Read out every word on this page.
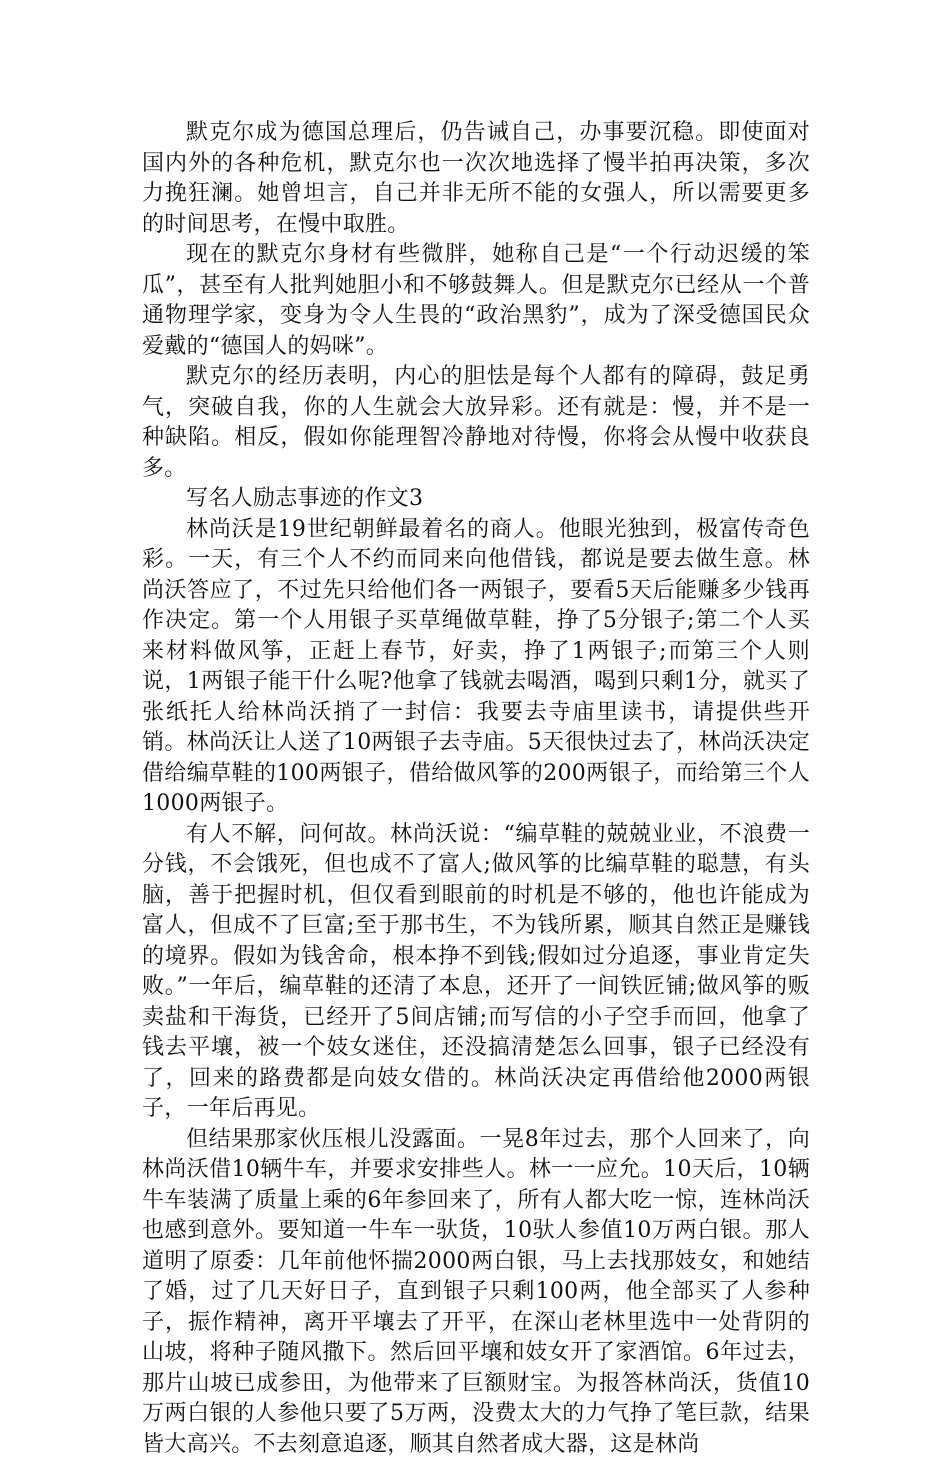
默克尔成为德国总理后，仍告诫自己，办事要沉稳。即使面对国内外的各种危机，默克尔也一次次地选择了慢半拍再决策，多次力挽狂澜。她曾坦言，自己并非无所不能的女强人，所以需要更多的时间思考，在慢中取胜。

现在的默克尔身材有些微胖，她称自己是“一个行动迟缓的笨瓜”，甚至有人批判她胆小和不够鼓舞人。但是默克尔已经从一个普通物理学家，变身为令人生畏的“政治黑豹”，成为了深受德国民众爱戴的“德国人的妈咪”。

默克尔的经历表明，内心的胆怯是每个人都有的障碍，鼓足勇气，突破自我，你的人生就会大放异彩。还有就是：慢，并不是一种缺陷。相反，假如你能理智冷静地对待慢，你将会从慢中收获良多。

写名人励志事迹的作文3

林尚沃是19世纪朝鲜最着名的商人。他眼光独到，极富传奇色彩。一天，有三个人不约而同来向他借钱，都说是要去做生意。林尚沃答应了，不过先只给他们各一两银子，要看5天后能赚多少钱再作决定。第一个人用银子买草绳做草鞋，挣了5分银子;第二个人买来材料做风筝，正赶上春节，好卖，挣了1两银子;而第三个人则说，1两银子能干什么呢?他拿了钱就去喝酒，喝到只剩1分，就买了张纸托人给林尚沃捎了一封信：我要去寺庙里读书，请提供些开销。林尚沃让人送了10两银子去寺庙。5天很快过去了，林尚沃决定借给编草鞋的100两银子，借给做风筝的200两银子，而给第三个人1000两银子。

有人不解，问何故。林尚沃说：“编草鞋的兢兢业业，不浪费一分钱，不会饿死，但也成不了富人;做风筝的比编草鞋的聪慧，有头脑，善于把握时机，但仅看到眼前的时机是不够的，他也许能成为富人，但成不了巨富;至于那书生，不为钱所累，顺其自然正是赚钱的境界。假如为钱舍命，根本挣不到钱;假如过分追逐，事业肯定失败。”一年后，编草鞋的还清了本息，还开了一间铁匠铺;做风筝的贩卖盐和干海货，已经开了5间店铺;而写信的小子空手而回，他拿了钱去平壤，被一个妓女迷住，还没搞清楚怎么回事，银子已经没有了，回来的路费都是向妓女借的。林尚沃决定再借给他2000两银子，一年后再见。

但结果那家伙压根儿没露面。一晃8年过去，那个人回来了，向林尚沃借10辆牛车，并要求安排些人。林一一应允。10天后，10辆牛车装满了质量上乘的6年参回来了，所有人都大吃一惊，连林尚沃也感到意外。要知道一牛车一驮货，10驮人参值10万两白银。那人道明了原委：几年前他怀揣2000两白银，马上去找那妓女，和她结了婚，过了几天好日子，直到银子只剩100两，他全部买了人参种子，振作精神，离开平壤去了开平，在深山老林里选中一处背阴的山坡，将种子随风撒下。然后回平壤和妓女开了家酒馆。6年过去，那片山坡已成参田，为他带来了巨额财宝。为报答林尚沃，货值10万两白银的人参他只要了5万两，没费太大的力气挣了笔巨款，结果皆大高兴。不去刻意追逐，顺其自然者成大器，这是林尚
